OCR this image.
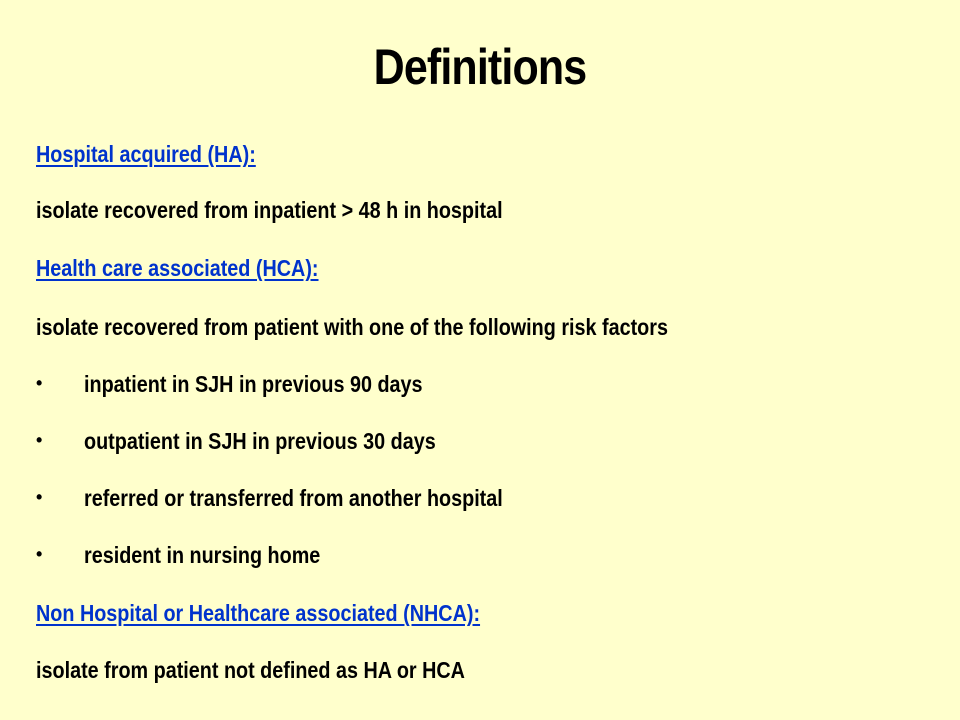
Definitions
Hospital acquired (HA):
isolate recovered from inpatient > 48 h in hospital
Health care associated (HCA):
isolate recovered from patient with one of the following risk factors
• inpatient in SJH in previous 90 days
• outpatient in SJH in previous 30 days
• referred or transferred from another hospital
• resident in nursing home
Non Hospital or Healthcare associated (NHCA):
isolate from patient not defined as HA or HCA
